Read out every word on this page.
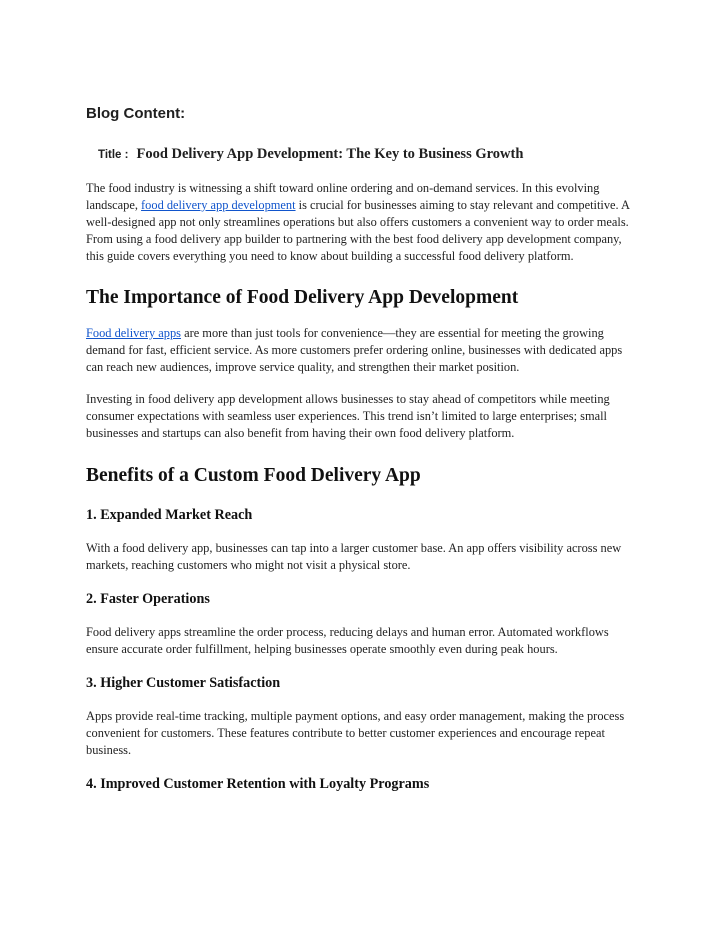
Blog Content:

Title : Food Delivery App Development: The Key to Business Growth

The food industry is witnessing a shift toward online ordering and on-demand services. In this evolving landscape, food delivery app development is crucial for businesses aiming to stay relevant and competitive. A well-designed app not only streamlines operations but also offers customers a convenient way to order meals. From using a food delivery app builder to partnering with the best food delivery app development company, this guide covers everything you need to know about building a successful food delivery platform.

The Importance of Food Delivery App Development

Food delivery apps are more than just tools for convenience—they are essential for meeting the growing demand for fast, efficient service. As more customers prefer ordering online, businesses with dedicated apps can reach new audiences, improve service quality, and strengthen their market position.

Investing in food delivery app development allows businesses to stay ahead of competitors while meeting consumer expectations with seamless user experiences. This trend isn’t limited to large enterprises; small businesses and startups can also benefit from having their own food delivery platform.

Benefits of a Custom Food Delivery App
1. Expanded Market Reach

With a food delivery app, businesses can tap into a larger customer base. An app offers visibility across new markets, reaching customers who might not visit a physical store.

2. Faster Operations

Food delivery apps streamline the order process, reducing delays and human error. Automated workflows ensure accurate order fulfillment, helping businesses operate smoothly even during peak hours.

3. Higher Customer Satisfaction

Apps provide real-time tracking, multiple payment options, and easy order management, making the process convenient for customers. These features contribute to better customer experiences and encourage repeat business.

4. Improved Customer Retention with Loyalty Programs
